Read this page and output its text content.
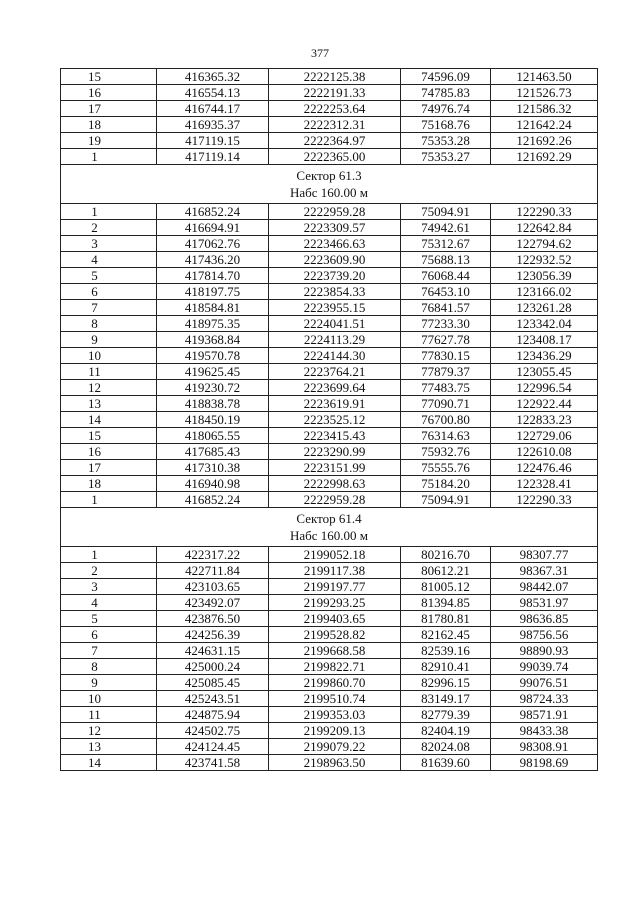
377
15	416365.32	2222125.38	74596.09	121463.50
16	416554.13	2222191.33	74785.83	121526.73
17	416744.17	2222253.64	74976.74	121586.32
18	416935.37	2222312.31	75168.76	121642.24
19	417119.15	2222364.97	75353.28	121692.26
1	417119.14	2222365.00	75353.27	121692.29

Сектор 61.3
Набс 160.00 м				

1	416852.24	2222959.28	75094.91	122290.33
2	416694.91	2223309.57	74942.61	122642.84
3	417062.76	2223466.63	75312.67	122794.62
4	417436.20	2223609.90	75688.13	122932.52
5	417814.70	2223739.20	76068.44	123056.39
6	418197.75	2223854.33	76453.10	123166.02
7	418584.81	2223955.15	76841.57	123261.28
8	418975.35	2224041.51	77233.30	123342.04
9	419368.84	2224113.29	77627.78	123408.17
10	419570.78	2224144.30	77830.15	123436.29
11	419625.45	2223764.21	77879.37	123055.45
12	419230.72	2223699.64	77483.75	122996.54
13	418838.78	2223619.91	77090.71	122922.44
14	418450.19	2223525.12	76700.80	122833.23
15	418065.55	2223415.43	76314.63	122729.06
16	417685.43	2223290.99	75932.76	122610.08
17	417310.38	2223151.99	75555.76	122476.46
18	416940.98	2222998.63	75184.20	122328.41
1	416852.24	2222959.28	75094.91	122290.33

Сектор 61.4
Набс 160.00 м				

1	422317.22	2199052.18	80216.70	98307.77
2	422711.84	2199117.38	80612.21	98367.31
3	423103.65	2199197.77	81005.12	98442.07
4	423492.07	2199293.25	81394.85	98531.97
5	423876.50	2199403.65	81780.81	98636.85
6	424256.39	2199528.82	82162.45	98756.56
7	424631.15	2199668.58	82539.16	98890.93
8	425000.24	2199822.71	82910.41	99039.74
9	425085.45	2199860.70	82996.15	99076.51
10	425243.51	2199510.74	83149.17	98724.33
11	424875.94	2199353.03	82779.39	98571.91
12	424502.75	2199209.13	82404.19	98433.38
13	424124.45	2199079.22	82024.08	98308.91
14	423741.58	2198963.50	81639.60	98198.69
